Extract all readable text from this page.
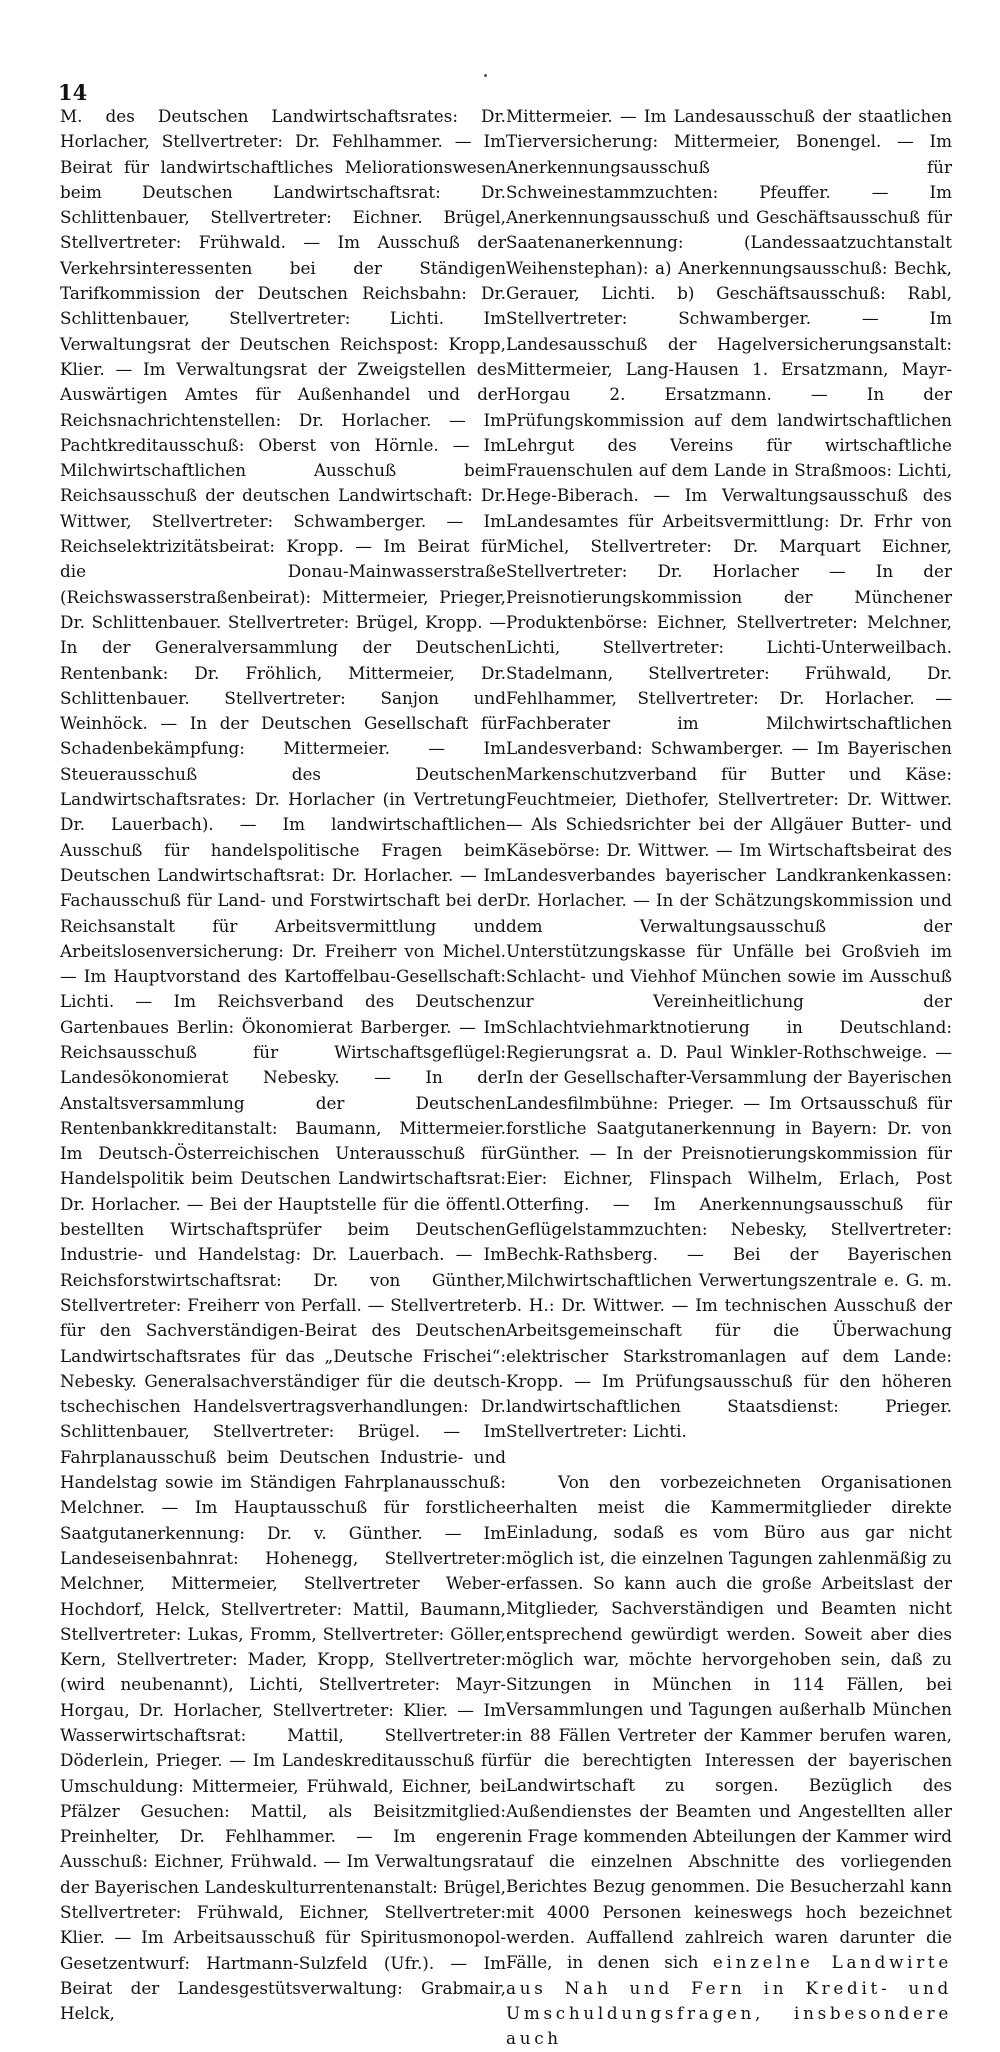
14

M. des Deutschen Landwirtschaftsrates: Dr. Horlacher, Stellvertreter: Dr. Fehlhammer. — Im Beirat für landwirtschaftliches Meliorationswesen beim Deutschen Landwirtschaftsrat: Dr. Schlittenbauer, Stellvertreter: Eichner. Brügel, Stellvertreter: Frühwald. — Im Ausschuß der Verkehrsinteressenten bei der Ständigen Tarifkommission der Deutschen Reichsbahn: Dr. Schlittenbauer, Stellvertreter: Lichti. Im Verwaltungsrat der Deutschen Reichspost: Kropp, Klier. — Im Verwaltungsrat der Zweigstellen des Auswärtigen Amtes für Außenhandel und der Reichsnachrichtenstellen: Dr. Horlacher. — Im Pachtkreditausschuß: Oberst von Hörnle. — Im Milchwirtschaftlichen Ausschuß beim Reichsausschuß der deutschen Landwirtschaft: Dr. Wittwer, Stellvertreter: Schwamberger. — Im Reichselektrizitätsbeirat: Kropp. — Im Beirat für die Donau-Mainwasserstraße (Reichswasserstraßenbeirat): Mittermeier, Prieger, Dr. Schlittenbauer. Stellvertreter: Brügel, Kropp. — In der Generalversammlung der Deutschen Rentenbank: Dr. Fröhlich, Mittermeier, Dr. Schlittenbauer. Stellvertreter: Sanjon und Weinhöck. — In der Deutschen Gesellschaft für Schadenbekämpfung: Mittermeier. — Im Steuerausschuß des Deutschen Landwirtschaftsrates: Dr. Horlacher (in Vertretung Dr. Lauerbach). — Im landwirtschaftlichen Ausschuß für handelspolitische Fragen beim Deutschen Landwirtschaftsrat: Dr. Horlacher. — Im Fachausschuß für Land- und Forstwirtschaft bei der Reichsanstalt für Arbeitsvermittlung und Arbeitslosenversicherung: Dr. Freiherr von Michel. — Im Hauptvorstand des Kartoffelbau-Gesellschaft: Lichti. — Im Reichsverband des Deutschen Gartenbaues Berlin: Ökonomierat Barberger. — Im Reichsausschuß für Wirtschaftsgeflügel: Landesökonomierat Nebesky. — In der Anstaltsversammlung der Deutschen Rentenbankkreditanstalt: Baumann, Mittermeier. Im Deutsch-Österreichischen Unterausschuß für Handelspolitik beim Deutschen Landwirtschaftsrat: Dr. Horlacher. — Bei der Hauptstelle für die öffentl. bestellten Wirtschaftsprüfer beim Deutschen Industrie- und Handelstag: Dr. Lauerbach. — Im Reichsforstwirtschaftsrat: Dr. von Günther, Stellvertreter: Freiherr von Perfall. — Stellvertreter für den Sachverständigen-Beirat des Deutschen Landwirtschaftsrates für das „Deutsche Frischei“: Nebesky. Generalsachverständiger für die deutsch-tschechischen Handelsvertragsverhandlungen: Dr. Schlittenbauer, Stellvertreter: Brügel. — Im Fahrplanausschuß beim Deutschen Industrie- und Handelstag sowie im Ständigen Fahrplanausschuß: Melchner. — Im Hauptausschuß für forstliche Saatgutanerkennung: Dr. v. Günther. — Im Landeseisenbahnrat: Hohenegg, Stellvertreter: Melchner, Mittermeier, Stellvertreter Weber-Hochdorf, Helck, Stellvertreter: Mattil, Baumann, Stellvertreter: Lukas, Fromm, Stellvertreter: Göller, Kern, Stellvertreter: Mader, Kropp, Stellvertreter: (wird neubenannt), Lichti, Stellvertreter: Mayr-Horgau, Dr. Horlacher, Stellvertreter: Klier. — Im Wasserwirtschaftsrat: Mattil, Stellvertreter: Döderlein, Prieger. — Im Landeskreditausschuß für Umschuldung: Mittermeier, Frühwald, Eichner, bei Pfälzer Gesuchen: Mattil, als Beisitzmitglied: Preinhelter, Dr. Fehlhammer. — Im engeren Ausschuß: Eichner, Frühwald. — Im Verwaltungsrat der Bayerischen Landeskulturrentenanstalt: Brügel, Stellvertreter: Frühwald, Eichner, Stellvertreter: Klier. — Im Arbeitsausschuß für Spiritusmonopol-Gesetzentwurf: Hartmann-Sulzfeld (Ufr.). — Im Beirat der Landesgestütsverwaltung: Grabmair, Helck,

Mittermeier. — Im Landesausschuß der staatlichen Tierversicherung: Mittermeier, Bonengel. — Im Anerkennungsausschuß für Schweinestammzuchten: Pfeuffer. — Im Anerkennungsausschuß und Geschäftsausschuß für Saatenanerkennung: (Landessaatzuchtanstalt Weihenstephan): a) Anerkennungsausschuß: Bechk, Gerauer, Lichti. b) Geschäftsausschuß: Rabl, Stellvertreter: Schwamberger. — Im Landesausschuß der Hagelversicherungsanstalt: Mittermeier, Lang-Hausen 1. Ersatzmann, Mayr-Horgau 2. Ersatzmann. — In der Prüfungskommission auf dem landwirtschaftlichen Lehrgut des Vereins für wirtschaftliche Frauenschulen auf dem Lande in Straßmoos: Lichti, Hege-Biberach. — Im Verwaltungsausschuß des Landesamtes für Arbeitsvermittlung: Dr. Frhr von Michel, Stellvertreter: Dr. Marquart Eichner, Stellvertreter: Dr. Horlacher — In der Preisnotierungskommission der Münchener Produktenbörse: Eichner, Stellvertreter: Melchner, Lichti, Stellvertreter: Lichti-Unterweilbach. Stadelmann, Stellvertreter: Frühwald, Dr. Fehlhammer, Stellvertreter: Dr. Horlacher. — Fachberater im Milchwirtschaftlichen Landesverband: Schwamberger. — Im Bayerischen Markenschutzverband für Butter und Käse: Feuchtmeier, Diethofer, Stellvertreter: Dr. Wittwer. — Als Schiedsrichter bei der Allgäuer Butter- und Käsebörse: Dr. Wittwer. — Im Wirtschaftsbeirat des Landesverbandes bayerischer Landkrankenkassen: Dr. Horlacher. — In der Schätzungskommission und dem Verwaltungsausschuß der Unterstützungskasse für Unfälle bei Großvieh im Schlacht- und Viehhof München sowie im Ausschuß zur Vereinheitlichung der Schlachtviehmarktnotierung in Deutschland: Regierungsrat a. D. Paul Winkler-Rothschweige. — In der Gesellschafter-Versammlung der Bayerischen Landesfilmbühne: Prieger. — Im Ortsausschuß für forstliche Saatgutanerkennung in Bayern: Dr. von Günther. — In der Preisnotierungskommission für Eier: Eichner, Flinspach Wilhelm, Erlach, Post Otterfing. — Im Anerkennungsausschuß für Geflügelstammzuchten: Nebesky, Stellvertreter: Bechk-Rathsberg. — Bei der Bayerischen Milchwirtschaftlichen Verwertungszentrale e. G. m. b. H.: Dr. Wittwer. — Im technischen Ausschuß der Arbeitsgemeinschaft für die Überwachung elektrischer Starkstromanlagen auf dem Lande: Kropp. — Im Prüfungsausschuß für den höheren landwirtschaftlichen Staatsdienst: Prieger. Stellvertreter: Lichti.

Von den vorbezeichneten Organisationen erhalten meist die Kammermitglieder direkte Einladung, sodaß es vom Büro aus gar nicht möglich ist, die einzelnen Tagungen zahlenmäßig zu erfassen. So kann auch die große Arbeitslast der Mitglieder, Sachverständigen und Beamten nicht entsprechend gewürdigt werden. Soweit aber dies möglich war, möchte hervorgehoben sein, daß zu Sitzungen in München in 114 Fällen, bei Versammlungen und Tagungen außerhalb München in 88 Fällen Vertreter der Kammer berufen waren, für die berechtigten Interessen der bayerischen Landwirtschaft zu sorgen. Bezüglich des Außendienstes der Beamten und Angestellten aller in Frage kommenden Abteilungen der Kammer wird auf die einzelnen Abschnitte des vorliegenden Berichtes Bezug genommen. Die Besucherzahl kann mit 4000 Personen keineswegs hoch bezeichnet werden. Auffallend zahlreich waren darunter die Fälle, in denen sich einzelne Landwirte aus Nah und Fern in Kredit- und Umschuldungsfragen, insbesondere auch
